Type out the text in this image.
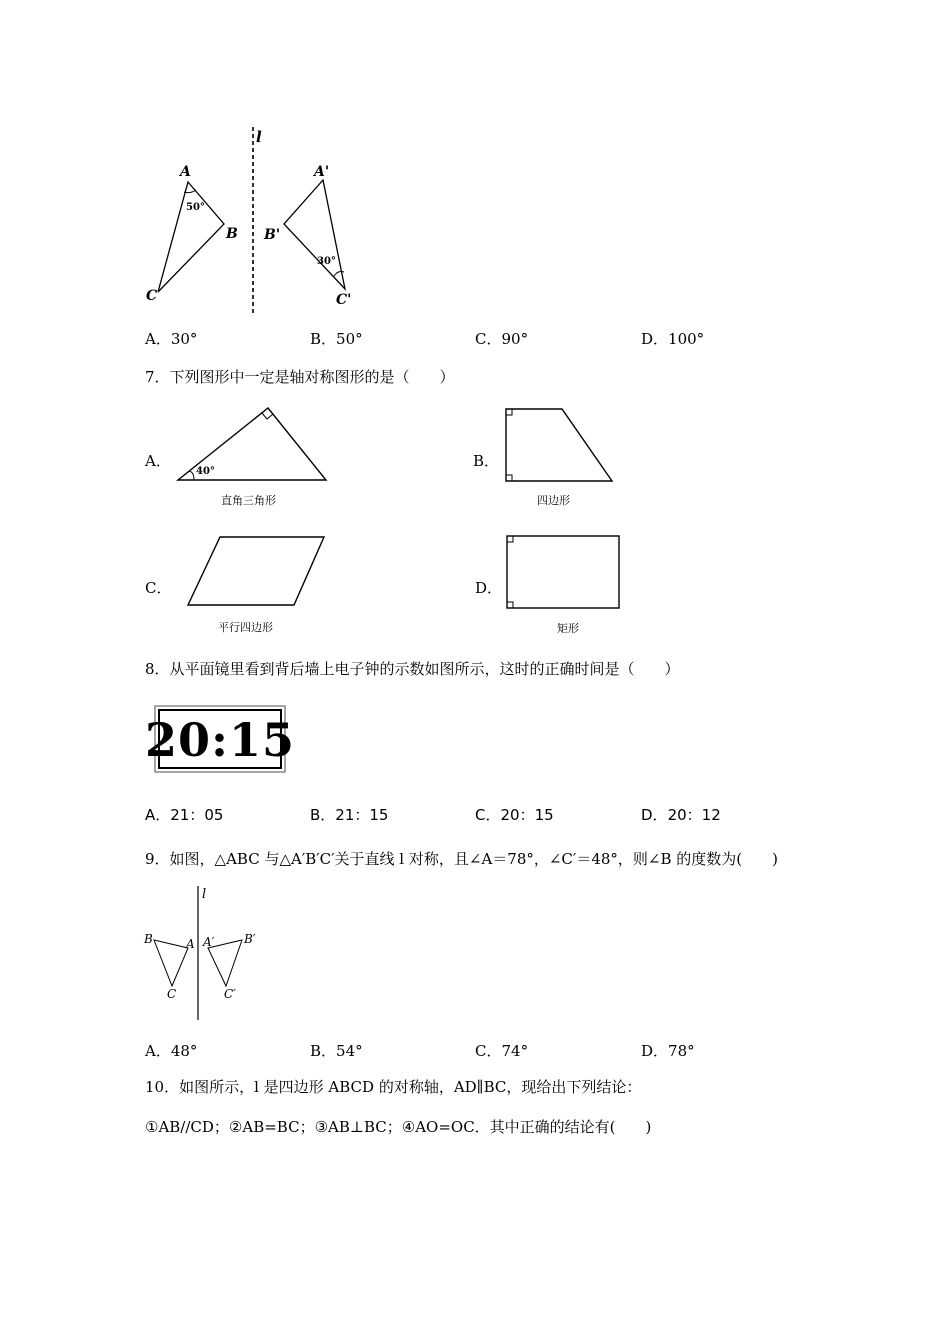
l
A
B
C
50°
A'
B'
C'
30°
A．30°	B．50°	C．90°	D．100°
7．下列图形中一定是轴对称图形的是（　　）
A．
40°
直角三角形
B．
四边形
C．
平行四边形
D．
矩形
8．从平面镜里看到背后墙上电子钟的示数如图所示，这时的正确时间是（　　）
20:15
A．21：05	B．21：15	C．20：15	D．20：12
9．如图，△ABC 与△A′B′C′关于直线 l 对称，且∠A＝78°，∠C′＝48°，则∠B 的度数为(　　)
l
B	A
C
A′ B′
C′
A．48°	B．54°	C．74°	D．78°
10．如图所示，l 是四边形 ABCD 的对称轴，AD∥BC，现给出下列结论：
①AB//CD；②AB=BC；③AB⊥BC；④AO=OC．其中正确的结论有(　　)
